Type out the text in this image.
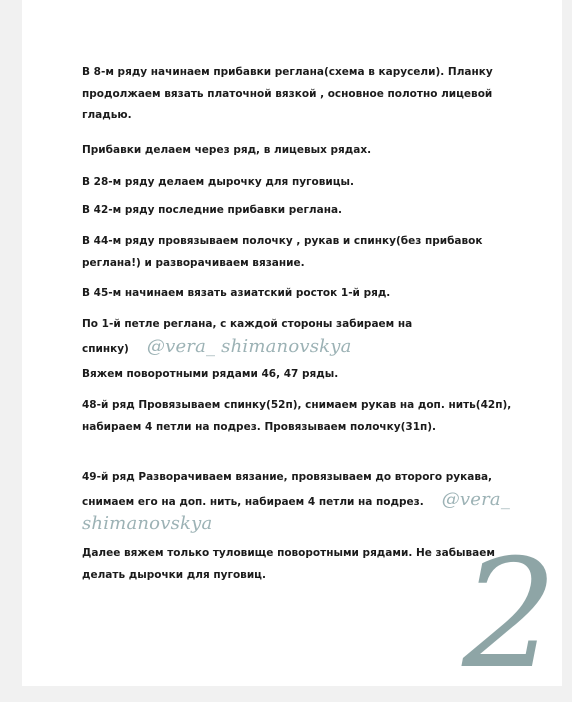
В 8-м ряду начинаем прибавки реглана(схема в карусели). Планку продолжаем вязать платочной вязкой , основное полотно лицевой гладью.

Прибавки делаем через ряд, в лицевых рядах.

В 28-м ряду делаем дырочку для пуговицы.

В 42-м ряду последние прибавки реглана.

В 44-м ряду провязываем полочку , рукав и спинку(без прибавок реглана!) и разворачиваем вязание.

В 45-м начинаем вязать азиатский росток 1-й ряд.

По 1-й петле реглана, с каждой стороны забираем на спинку) @vera_ shimanovskya

Вяжем поворотными рядами 46, 47 ряды.

48-й ряд Провязываем спинку(52п), снимаем рукав на доп. нить(42п), набираем 4 петли на подрез. Провязываем полочку(31п).

49-й ряд Разворачиваем вязание, провязываем до второго рукава, снимаем его на доп. нить, набираем 4 петли на подрез. @vera_ shimanovskya

Далее вяжем только туловище поворотными рядами. Не забываем делать дырочки для пуговиц.	2
